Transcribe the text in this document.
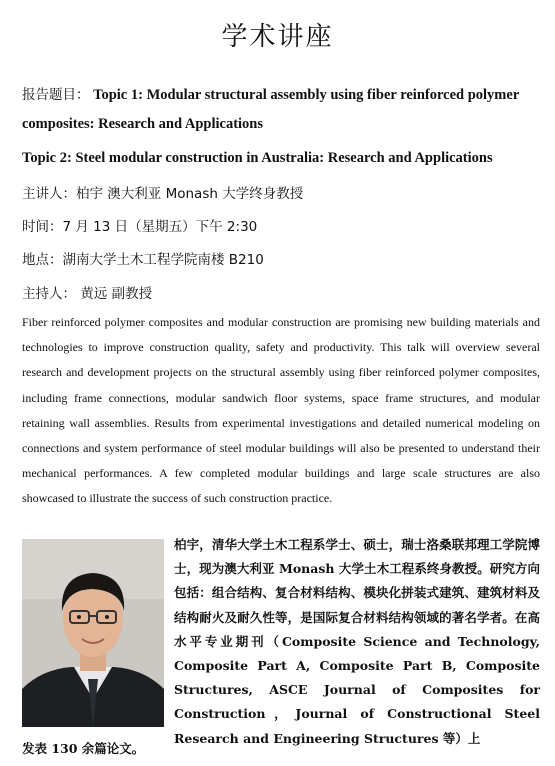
学术讲座
报告题目： Topic 1: Modular structural assembly using fiber reinforced polymer
composites: Research and Applications
Topic 2: Steel modular construction in Australia: Research and Applications
主讲人：柏宇 澳大利亚 Monash 大学终身教授
时间：7 月 13 日（星期五）下午 2:30
地点：湖南大学土木工程学院南楼 B210
主持人： 黄远 副教授
Fiber reinforced polymer composites and modular construction are promising new building materials and technologies to improve construction quality, safety and productivity. This talk will overview several research and development projects on the structural assembly using fiber reinforced polymer composites, including frame connections, modular sandwich floor systems, space frame structures, and modular retaining wall assemblies. Results from experimental investigations and detailed numerical modeling on connections and system performance of steel modular buildings will also be presented to understand their mechanical performances. A few completed modular buildings and large scale structures are also showcased to illustrate the success of such construction practice.
柏宇，清华大学土木工程系学士、硕士，瑞士洛桑联邦理工学院博士，现为澳大利亚 Monash 大学土木工程系终身教授。研究方向包括：组合结构、复合材料结构、模块化拼装式建筑、建筑材料及结构耐火及耐久性等，是国际复合材料结构领域的著名学者。在高水平专业期刊（Composite Science and Technology, Composite Part A, Composite Part B, Composite Structures, ASCE Journal of Composites for Construction，Journal of Constructional Steel Research and Engineering Structures 等）上
发表 130 余篇论文。
